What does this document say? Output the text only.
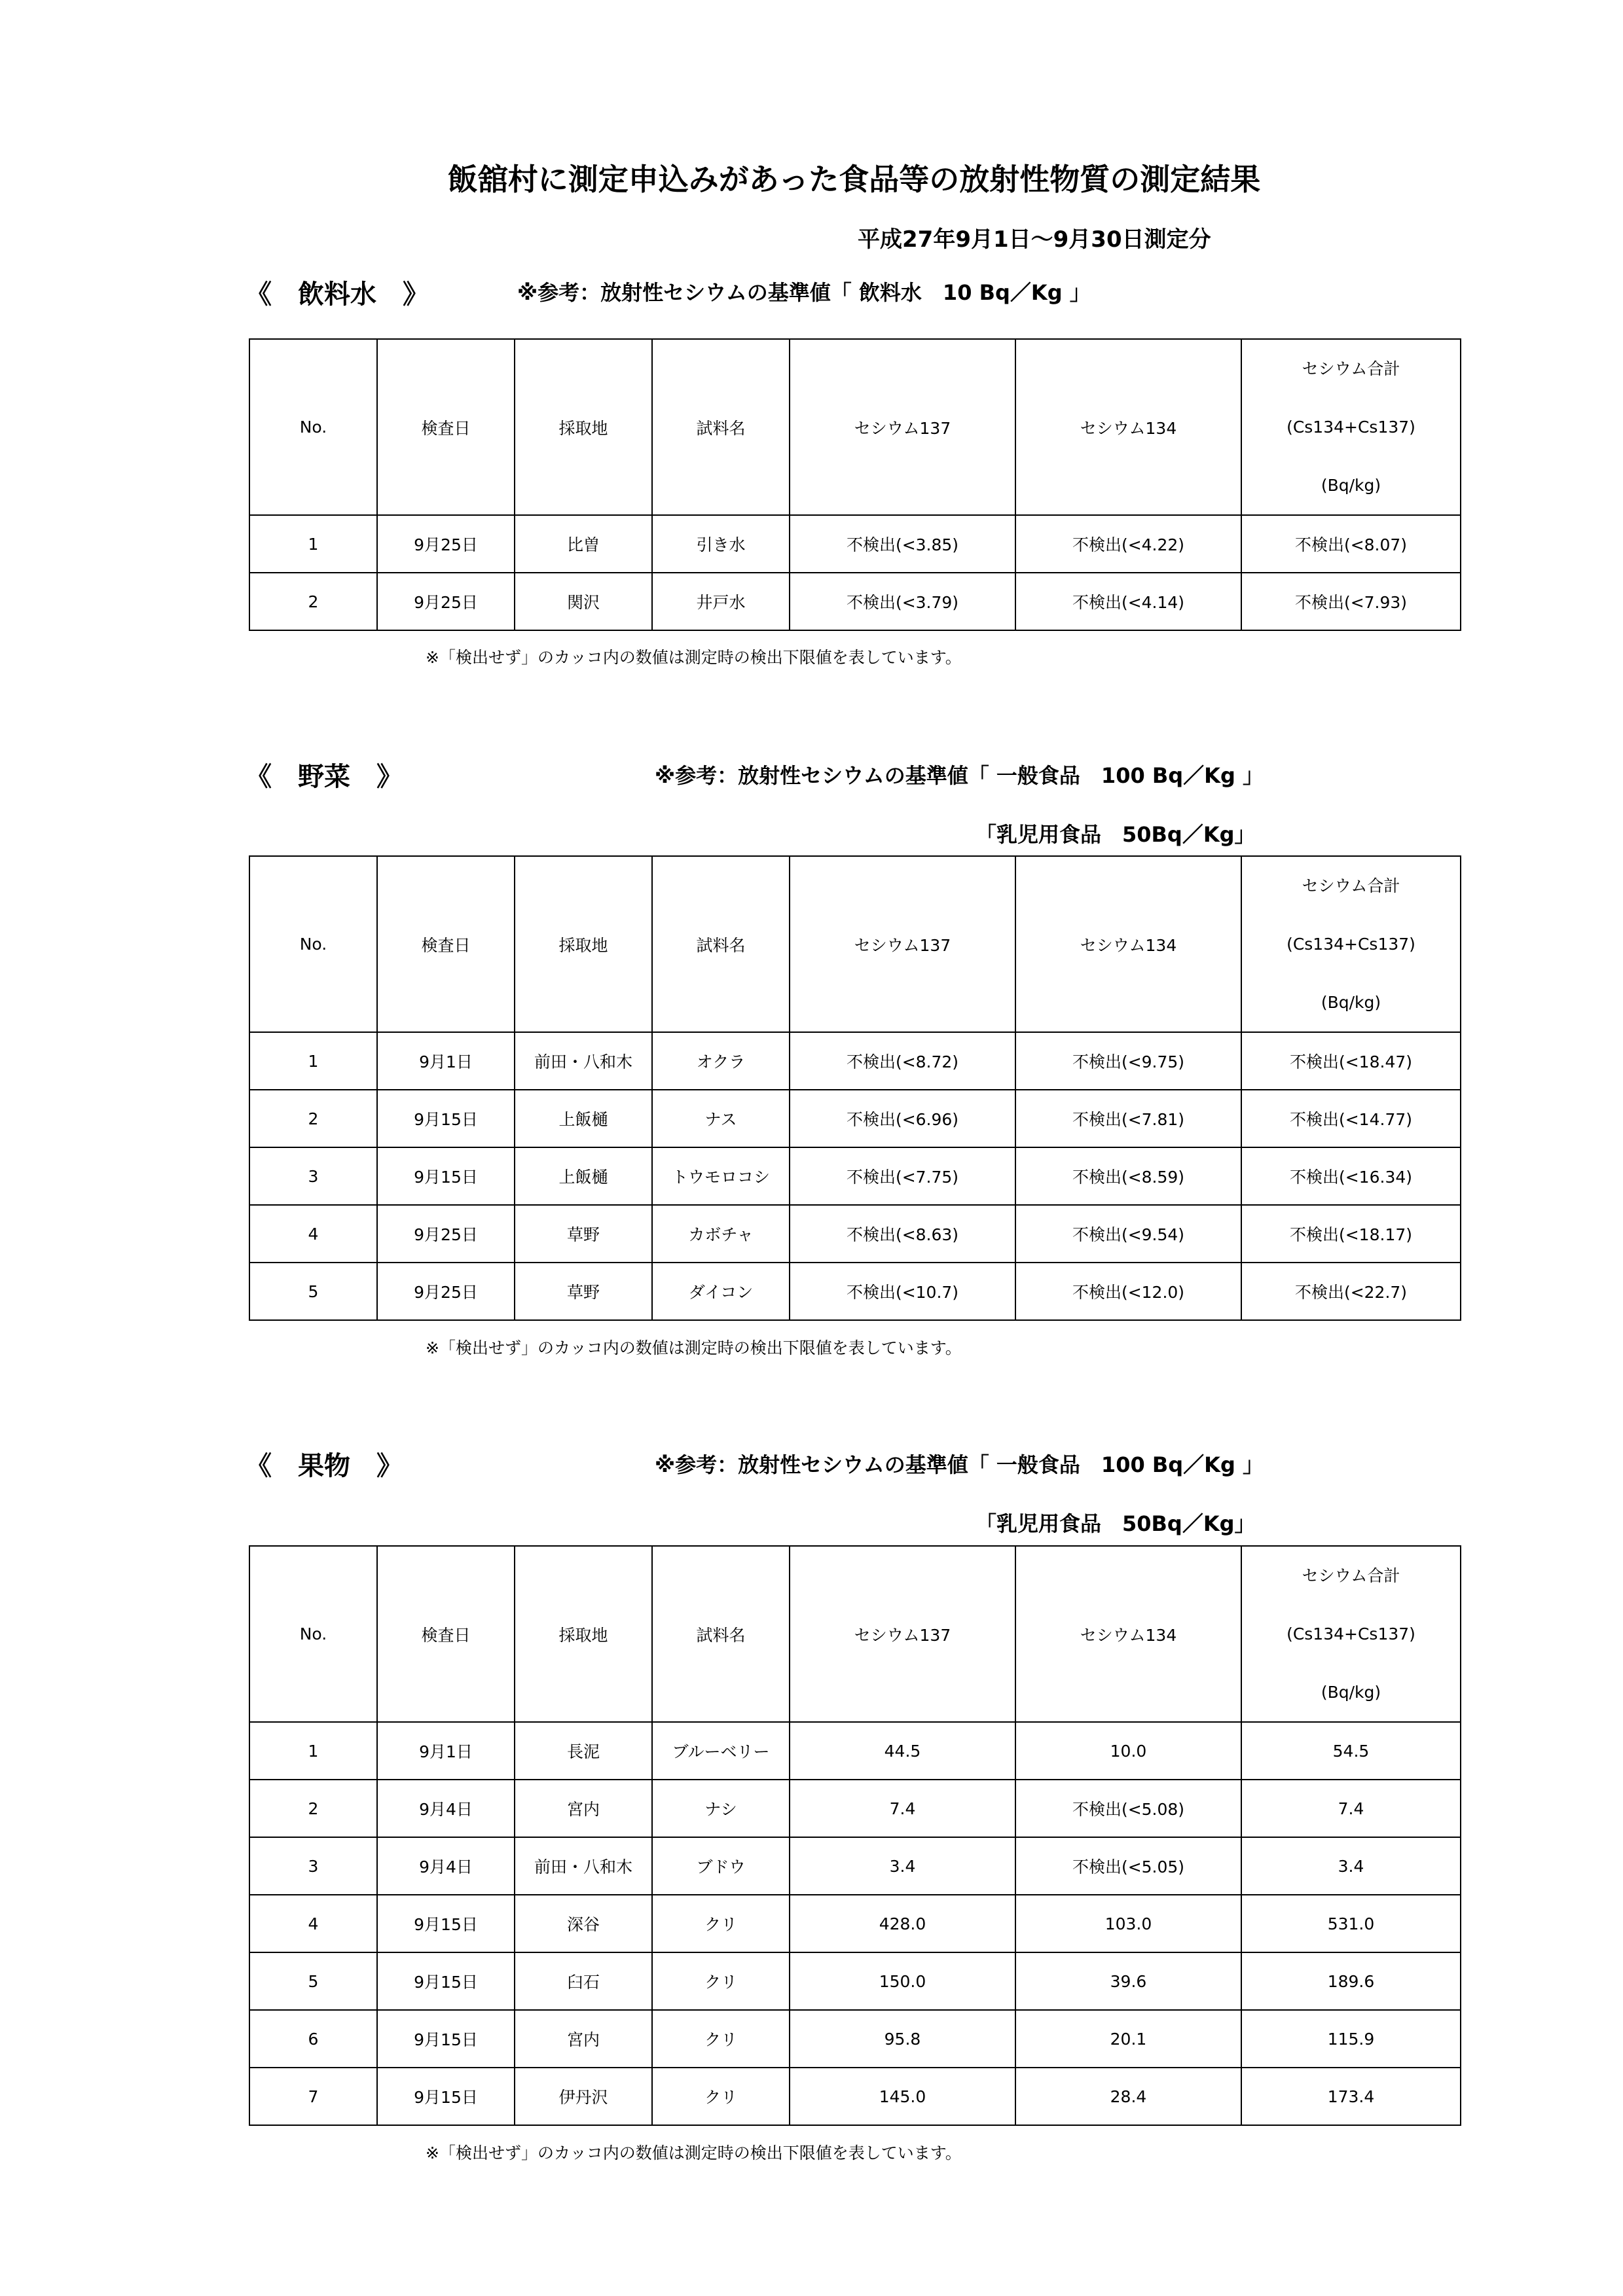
飯舘村に測定申込みがあった食品等の放射性物質の測定結果
平成27年9月1日～9月30日測定分
《　飲料水　》	※参考：放射性セシウムの基準値「 飲料水　10 Bq／Kg 」
No.	検査日	採取地	試料名	セシウム137	セシウム134	セシウム合計
(Cs134+Cs137)
(Bq/kg)

1	9月25日	比曽	引き水	不検出(<3.85)	不検出(<4.22)	不検出(<8.07)
2	9月25日	関沢	井戸水	不検出(<3.79)	不検出(<4.14)	不検出(<7.93)
※「検出せず」のカッコ内の数値は測定時の検出下限値を表しています。
《　野菜　》	※参考：放射性セシウムの基準値「 一般食品　100 Bq／Kg 」
「乳児用食品　50Bq／Kg」
No.	検査日	採取地	試料名	セシウム137	セシウム134	セシウム合計
(Cs134+Cs137)
(Bq/kg)

1	9月1日	前田・八和木	オクラ	不検出(<8.72)	不検出(<9.75)	不検出(<18.47)
2	9月15日	上飯樋	ナス	不検出(<6.96)	不検出(<7.81)	不検出(<14.77)
3	9月15日	上飯樋	トウモロコシ	不検出(<7.75)	不検出(<8.59)	不検出(<16.34)
4	9月25日	草野	カボチャ	不検出(<8.63)	不検出(<9.54)	不検出(<18.17)
5	9月25日	草野	ダイコン	不検出(<10.7)	不検出(<12.0)	不検出(<22.7)
※「検出せず」のカッコ内の数値は測定時の検出下限値を表しています。
《　果物　》	※参考：放射性セシウムの基準値「 一般食品　100 Bq／Kg 」
「乳児用食品　50Bq／Kg」
No.	検査日	採取地	試料名	セシウム137	セシウム134	セシウム合計
(Cs134+Cs137)
(Bq/kg)

1	9月1日	長泥	ブルーベリー	44.5	10.0	54.5
2	9月4日	宮内	ナシ	7.4	不検出(<5.08)	7.4
3	9月4日	前田・八和木	ブドウ	3.4	不検出(<5.05)	3.4
4	9月15日	深谷	クリ	428.0	103.0	531.0
5	9月15日	臼石	クリ	150.0	39.6	189.6
6	9月15日	宮内	クリ	95.8	20.1	115.9
7	9月15日	伊丹沢	クリ	145.0	28.4	173.4
※「検出せず」のカッコ内の数値は測定時の検出下限値を表しています。
